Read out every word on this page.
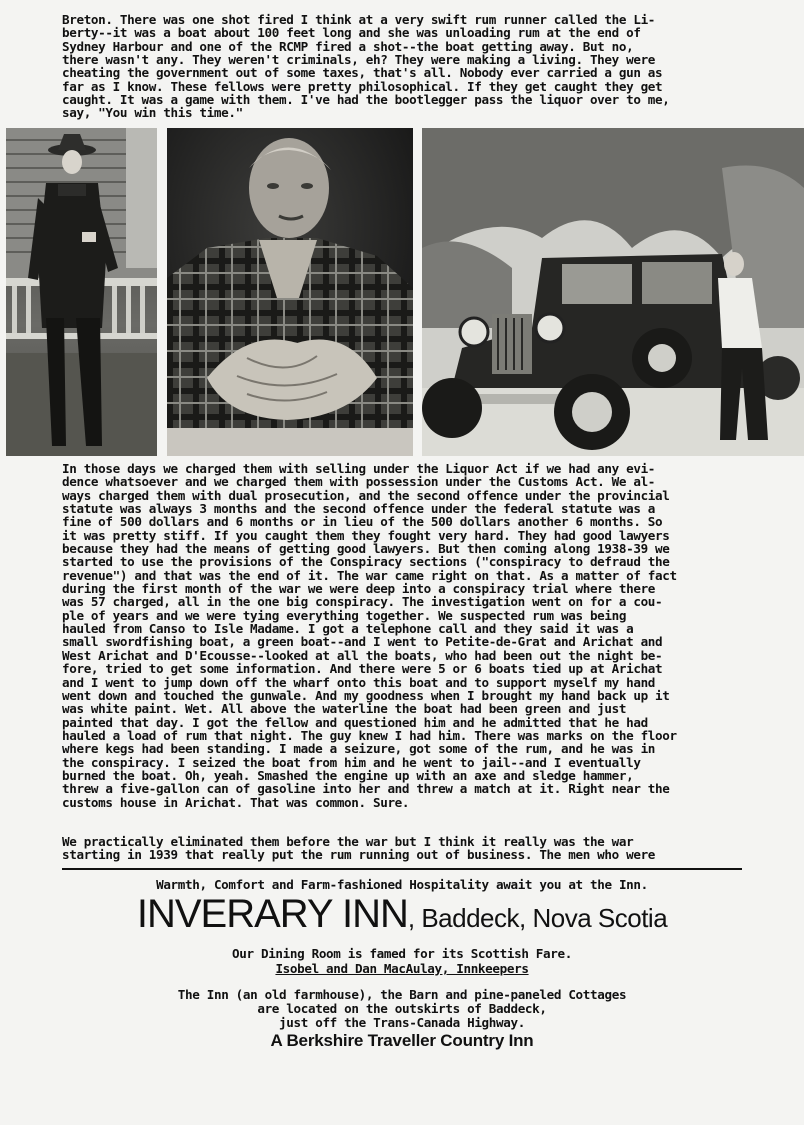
Breton. There was one shot fired I think at a very swift rum runner called the Li-
berty--it was a boat about 100 feet long and she was unloading rum at the end of
Sydney Harbour and one of the RCMP fired a shot--the boat getting away. But no,
there wasn't any. They weren't criminals, eh? They were making a living. They were
cheating the government out of some taxes, that's all. Nobody ever carried a gun as
far as I know. These fellows were pretty philosophical. If they get caught they get
caught. It was a game with them. I've had the bootlegger pass the liquor over to me,
say, "You win this time."

In those days we charged them with selling under the Liquor Act if we had any evi-
dence whatsoever and we charged them with possession under the Customs Act. We al-
ways charged them with dual prosecution, and the second offence under the provincial
statute was always 3 months and the second offence under the federal statute was a
fine of 500 dollars and 6 months or in lieu of the 500 dollars another 6 months. So
it was pretty stiff. If you caught them they fought very hard. They had good lawyers
because they had the means of getting good lawyers. But then coming along 1938-39 we
started to use the provisions of the Conspiracy sections ("conspiracy to defraud the
revenue") and that was the end of it. The war came right on that. As a matter of fact
during the first month of the war we were deep into a conspiracy trial where there
was 57 charged, all in the one big conspiracy. The investigation went on for a cou-
ple of years and we were tying everything together. We suspected rum was being
hauled from Canso to Isle Madame. I got a telephone call and they said it was a
small swordfishing boat, a green boat--and I went to Petite-de-Grat and Arichat and
West Arichat and D'Ecousse--looked at all the boats, who had been out the night be-
fore, tried to get some information. And there were 5 or 6 boats tied up at Arichat
and I went to jump down off the wharf onto this boat and to support myself my hand
went down and touched the gunwale. And my goodness when I brought my hand back up it
was white paint. Wet. All above the waterline the boat had been green and just
painted that day. I got the fellow and questioned him and he admitted that he had
hauled a load of rum that night. The guy knew I had him. There was marks on the floor
where kegs had been standing. I made a seizure, got some of the rum, and he was in
the conspiracy. I seized the boat from him and he went to jail--and I eventually
burned the boat. Oh, yeah. Smashed the engine up with an axe and sledge hammer,
threw a five-gallon can of gasoline into her and threw a match at it. Right near the
customs house in Arichat. That was common. Sure.

We practically eliminated them before the war but I think it really was the war
starting in 1939 that really put the rum running out of business. The men who were

Warmth, Comfort and Farm-fashioned Hospitality await you at the Inn.
INVERARY INN, Baddeck, Nova Scotia
Our Dining Room is famed for its Scottish Fare.
Isobel and Dan MacAulay, Innkeepers
The Inn (an old farmhouse), the Barn and pine-paneled Cottages
are located on the outskirts of Baddeck,
just off the Trans-Canada Highway.
A Berkshire Traveller Country Inn
